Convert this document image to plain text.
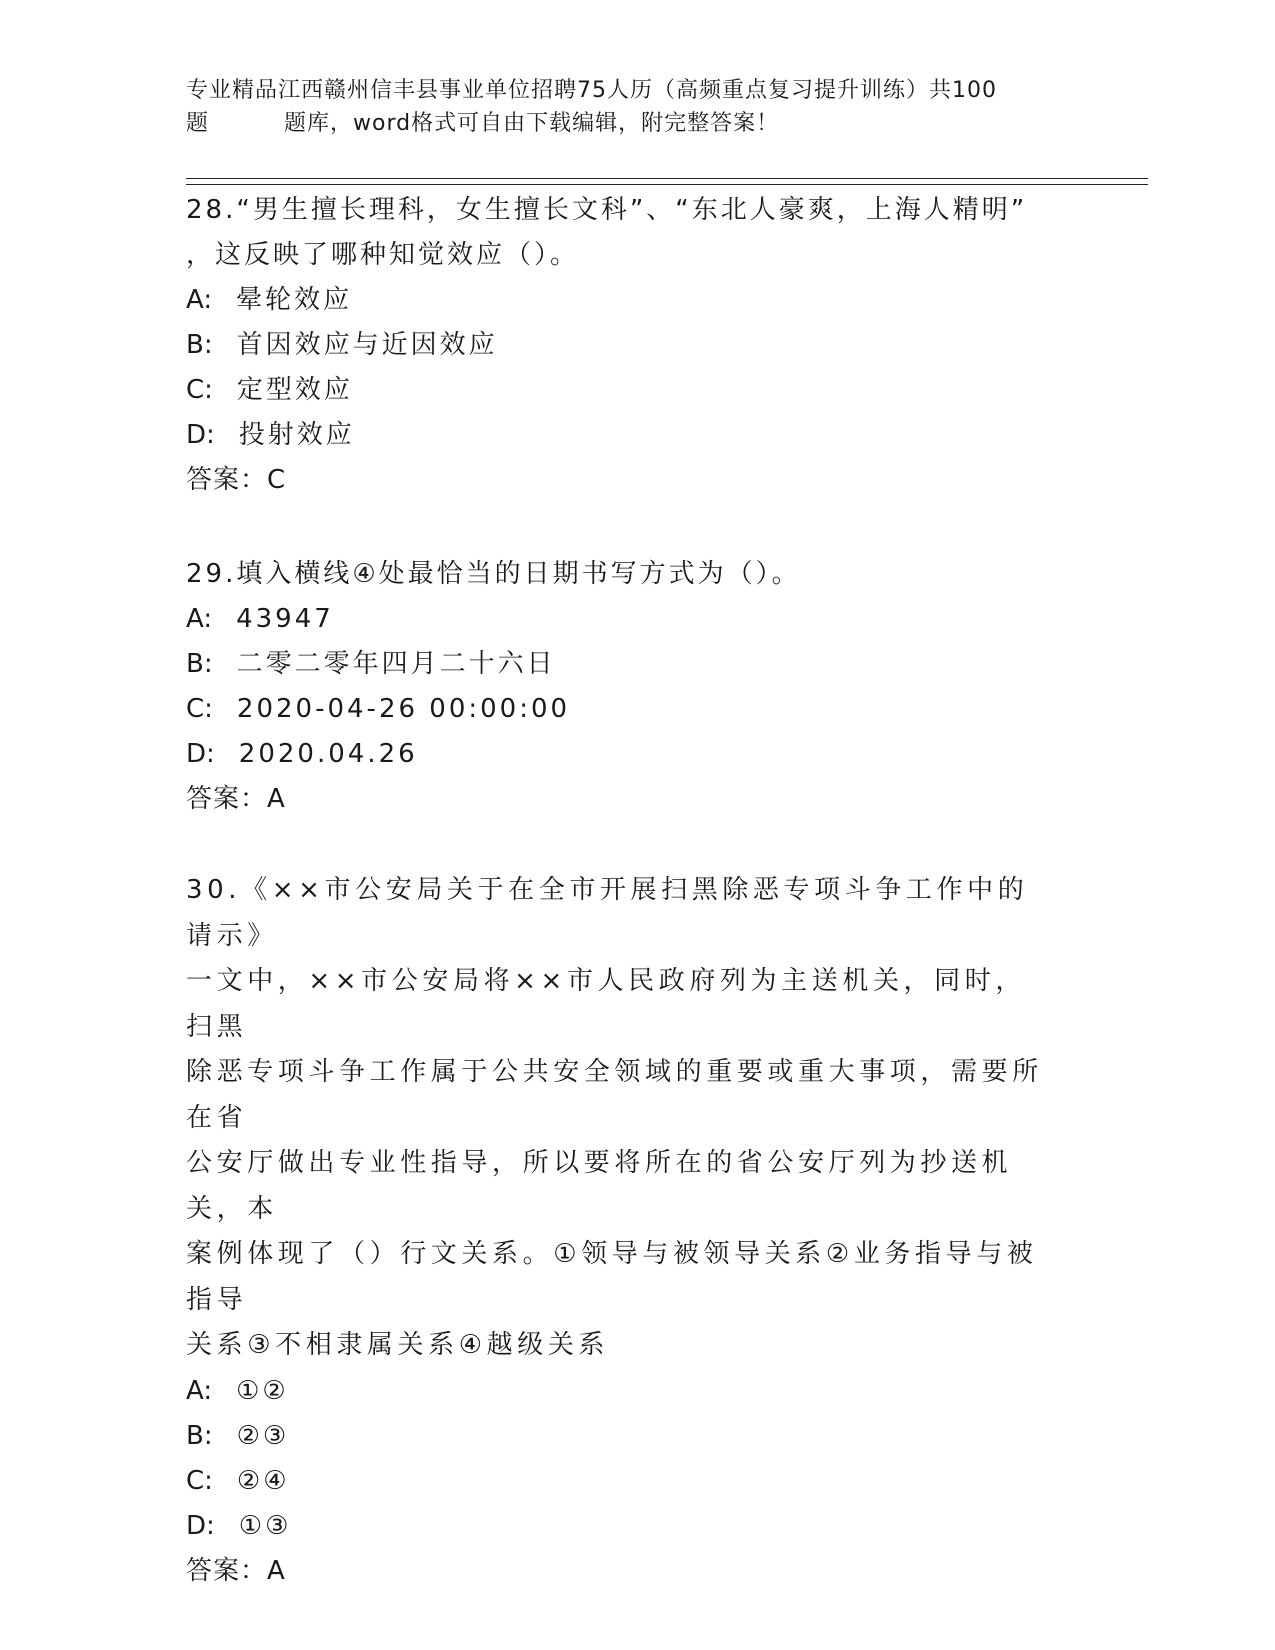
专业精品江西赣州信丰县事业单位招聘75人历（高频重点复习提升训练）共100
题	题库，word格式可自由下载编辑，附完整答案！

28.“男生擅长理科，女生擅长文科”、“东北人豪爽，上海人精明”

，这反映了哪种知觉效应（）。

A: 晕轮效应

B: 首因效应与近因效应

C: 定型效应

D: 投射效应

答案：C

29.填入横线④处最恰当的日期书写方式为（）。

A: 43947

B: 二零二零年四月二十六日

C: 2020-04-26 00:00:00

D: 2020.04.26

答案：A

30.《××市公安局关于在全市开展扫黑除恶专项斗争工作中的请示》

一文中，××市公安局将××市人民政府列为主送机关，同时，扫黑

除恶专项斗争工作属于公共安全领域的重要或重大事项，需要所在省

公安厅做出专业性指导，所以要将所在的省公安厅列为抄送机关，本

案例体现了（）行文关系。①领导与被领导关系②业务指导与被指导

关系③不相隶属关系④越级关系

A: ①②

B: ②③

C: ②④

D: ①③

答案：A
